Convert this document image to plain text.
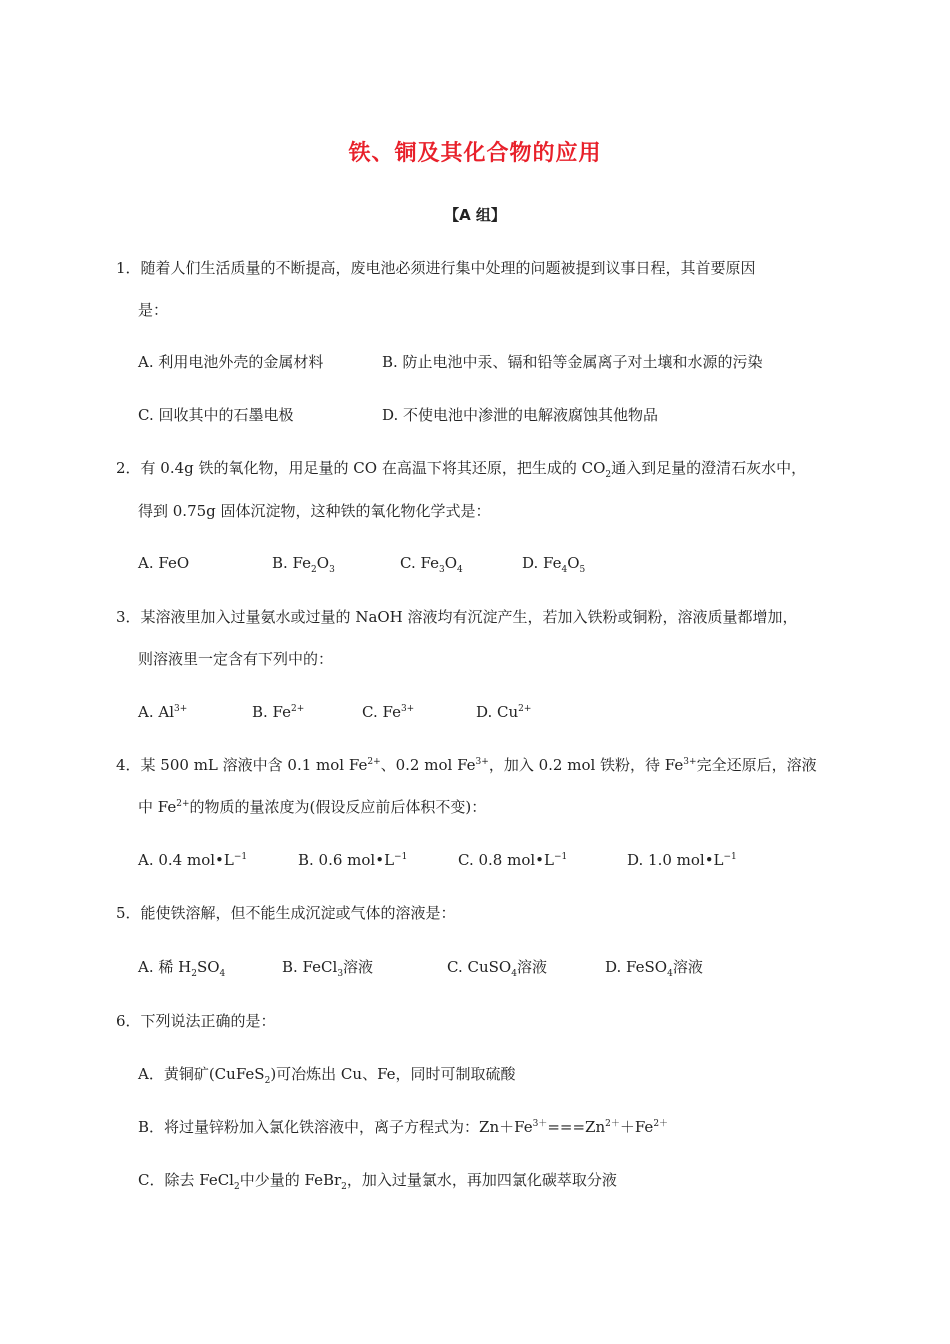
铁、铜及其化合物的应用
【A 组】
1．随着人们生活质量的不断提高，废电池必须进行集中处理的问题被提到议事日程，其首要原因
是：
A. 利用电池外壳的金属材料	B. 防止电池中汞、镉和铅等金属离子对土壤和水源的污染
C. 回收其中的石墨电极	D. 不使电池中渗泄的电解液腐蚀其他物品
2．有 0.4g 铁的氧化物，用足量的 CO 在高温下将其还原，把生成的 $CO_2$通入到足量的澄清石灰水中，
得到 0.75g 固体沉淀物，这种铁的氧化物化学式是：
A. FeO	B. $Fe_2O_3$	C. $Fe_3O_4$	D. $Fe_4O_5$
3．某溶液里加入过量氨水或过量的 NaOH 溶液均有沉淀产生，若加入铁粉或铜粉，溶液质量都增加，
则溶液里一定含有下列中的：
A. $Al^{3+}$	B. $Fe^{2+}$	C. $Fe^{3+}$	D. $Cu^{2+}$
4．某 500 mL 溶液中含 0.1 mol $Fe^{2+}$、0.2 mol $Fe^{3+}$，加入 0.2 mol 铁粉，待 $Fe^{3+}$完全还原后，溶液
中 $Fe^{2+}$的物质的量浓度为(假设反应前后体积不变)：
A. 0.4 $mol•L^{-1}$	B. 0.6 $mol•L^{-1}$	C. 0.8 $mol•L^{-1}$	D. 1.0 $mol•L^{-1}$
5．能使铁溶解，但不能生成沉淀或气体的溶液是：
A. 稀 $H_2SO_4$	B. FeCl$_3$溶液	C. CuSO$_4$溶液	D. FeSO$_4$溶液
6．下列说法正确的是：
A．黄铜矿(CuFeS$_2$)可冶炼出 Cu、Fe，同时可制取硫酸
B．将过量锌粉加入氯化铁溶液中，离子方程式为：$Zn+Fe^{3+}===Zn^{2+}+Fe^{2+}$
C．除去 FeCl$_2$中少量的 FeBr$_2$，加入过量氯水，再加四氯化碳萃取分液
